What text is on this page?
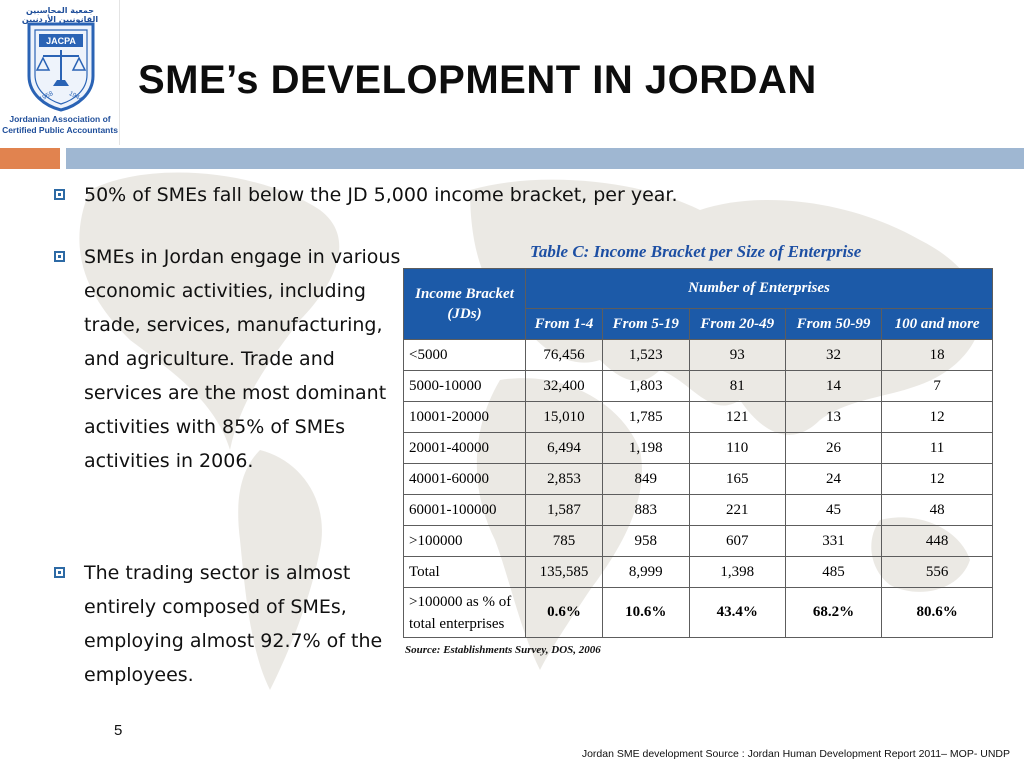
جمعية المحاسبين القانونيين الأردنيين
JACPA
1958 1944
Jordanian Association of
Certified Public Accountants
SME’s DEVELOPMENT IN JORDAN
50% of SMEs fall below the JD 5,000 income bracket, per year.
SMEs in Jordan engage in various economic activities, including trade, services, manufacturing, and agriculture. Trade and services are the most dominant activities with 85% of SMEs activities in 2006.
The trading sector is almost entirely composed of SMEs, employing almost 92.7% of the employees.
Table C: Income Bracket per Size of Enterprise
Income Bracket (JDs)	Number of Enterprises				
	From 1-4	From 5-19	From 20-49	From 50-99	100 and more
<5000	76,456	1,523	93	32	18
5000-10000	32,400	1,803	81	14	7
10001-20000	15,010	1,785	121	13	12
20001-40000	6,494	1,198	110	26	11
40001-60000	2,853	849	165	24	12
60001-100000	1,587	883	221	45	48
>100000	785	958	607	331	448
Total	135,585	8,999	1,398	485	556
>100000 as % of
total enterprises	0.6%	10.6%	43.4%	68.2%	80.6%
Source: Establishments Survey, DOS, 2006
5
Jordan SME development Source : Jordan Human Development Report 2011– MOP- UNDP
